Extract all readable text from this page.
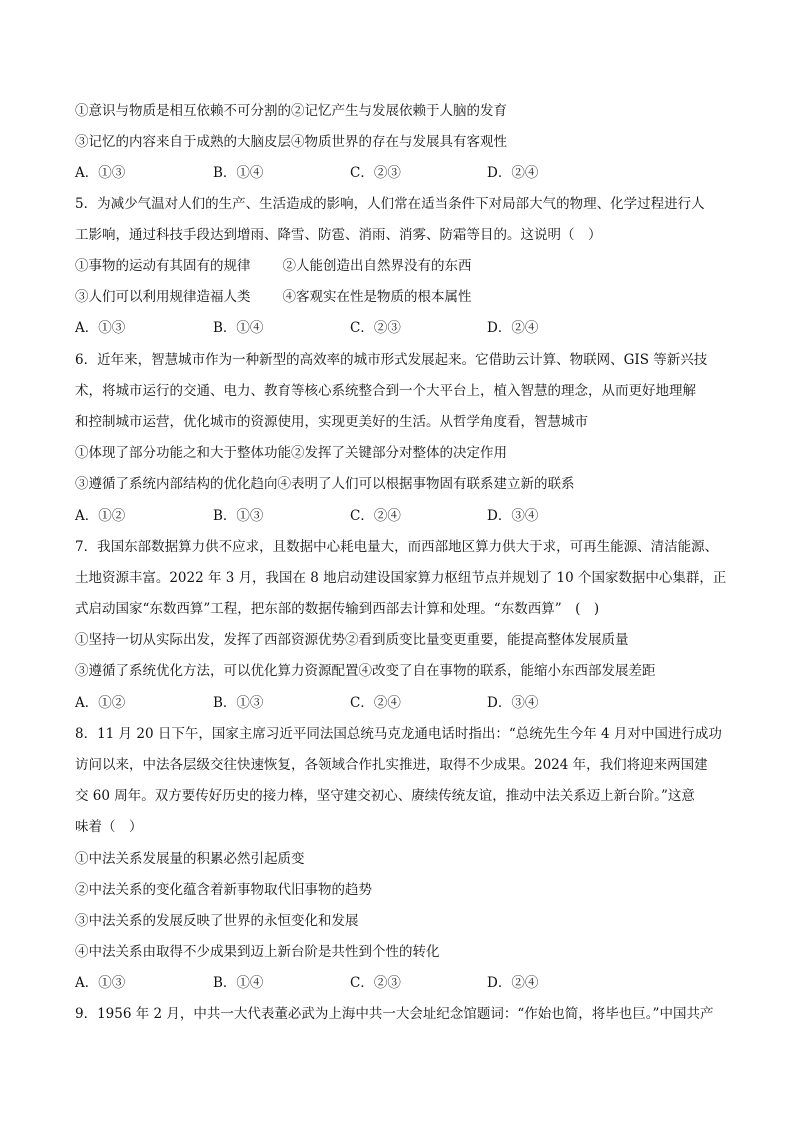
①意识与物质是相互依赖不可分割的②记忆产生与发展依赖于人脑的发育
③记忆的内容来自于成熟的大脑皮层④物质世界的存在与发展具有客观性
A．①③	B．①④	C．②③	D．②④
5．为减少气温对人们的生产、生活造成的影响，人们常在适当条件下对局部大气的物理、化学过程进行人
工影响，通过科技手段达到增雨、降雪、防雹、消雨、消雾、防霜等目的。这说明（　）
①事物的运动有其固有的规律 ②人能创造出自然界没有的东西
③人们可以利用规律造福人类 ④客观实在性是物质的根本属性
A．①③	B．①④	C．②③	D．②④
6．近年来，智慧城市作为一种新型的高效率的城市形式发展起来。它借助云计算、物联网、GIS 等新兴技
术，将城市运行的交通、电力、教育等核心系统整合到一个大平台上，植入智慧的理念，从而更好地理解
和控制城市运营，优化城市的资源使用，实现更美好的生活。从哲学角度看，智慧城市
①体现了部分功能之和大于整体功能②发挥了关键部分对整体的决定作用
③遵循了系统内部结构的优化趋向④表明了人们可以根据事物固有联系建立新的联系
A．①②	B．①③	C．②④	D．③④
7．我国东部数据算力供不应求，且数据中心耗电量大，而西部地区算力供大于求，可再生能源、清洁能源、
土地资源丰富。2022 年 3 月，我国在 8 地启动建设国家算力枢纽节点并规划了 10 个国家数据中心集群，正
式启动国家“东数西算”工程，把东部的数据传输到西部去计算和处理。“东数西算”　(　)
①坚持一切从实际出发，发挥了西部资源优势②看到质变比量变更重要，能提高整体发展质量
③遵循了系统优化方法，可以优化算力资源配置④改变了自在事物的联系，能缩小东西部发展差距
A．①②	B．①③	C．②④	D．③④
8．11 月 20 日下午，国家主席习近平同法国总统马克龙通电话时指出：“总统先生今年 4 月对中国进行成功
访问以来，中法各层级交往快速恢复，各领域合作扎实推进，取得不少成果。2024 年，我们将迎来两国建
交 60 周年。双方要传好历史的接力棒，坚守建交初心、赓续传统友谊，推动中法关系迈上新台阶。”这意
味着（　）
①中法关系发展量的积累必然引起质变
②中法关系的变化蕴含着新事物取代旧事物的趋势
③中法关系的发展反映了世界的永恒变化和发展
④中法关系由取得不少成果到迈上新台阶是共性到个性的转化
A．①③	B．①④	C．②③	D．②④
9．1956 年 2 月，中共一大代表董必武为上海中共一大会址纪念馆题词：“作始也简，将毕也巨。”中国共产
